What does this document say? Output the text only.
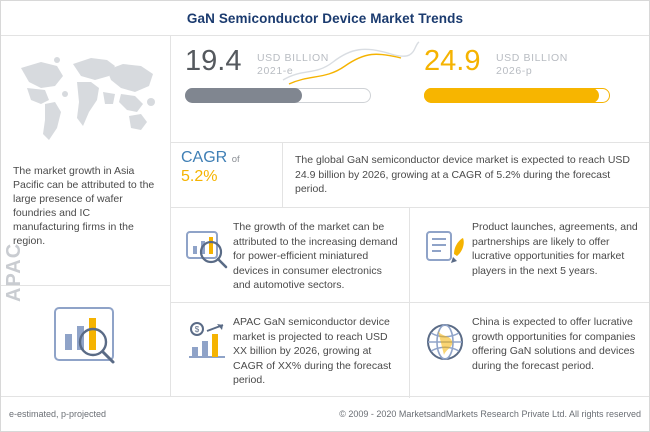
GaN Semiconductor Device Market Trends
The market growth in Asia Pacific can be attributed to the large presence of wafer foundries and IC manufacturing firms in the region.
APAC
19.4	USD BILLION
2021-e	24.9	USD BILLION
2026-p
CAGR of
5.2%
The global GaN semiconductor device market is expected to reach USD 24.9 billion by 2026, growing at a CAGR of 5.2% during the forecast period.
The growth of the market can be attributed to the increasing demand for power-efficient miniatured devices in consumer electronics and automotive sectors.
Product launches, agreements, and partnerships are likely to offer lucrative opportunities for market players in the next 5 years.
$
APAC GaN semiconductor device market is projected to reach USD XX billion by 2026, growing at CAGR of XX% during the forecast period.
China is expected to offer lucrative growth opportunities for companies offering GaN solutions and devices during the forecast period.
e-estimated, p-projected	© 2009 - 2020 MarketsandMarkets Research Private Ltd. All rights reserved
